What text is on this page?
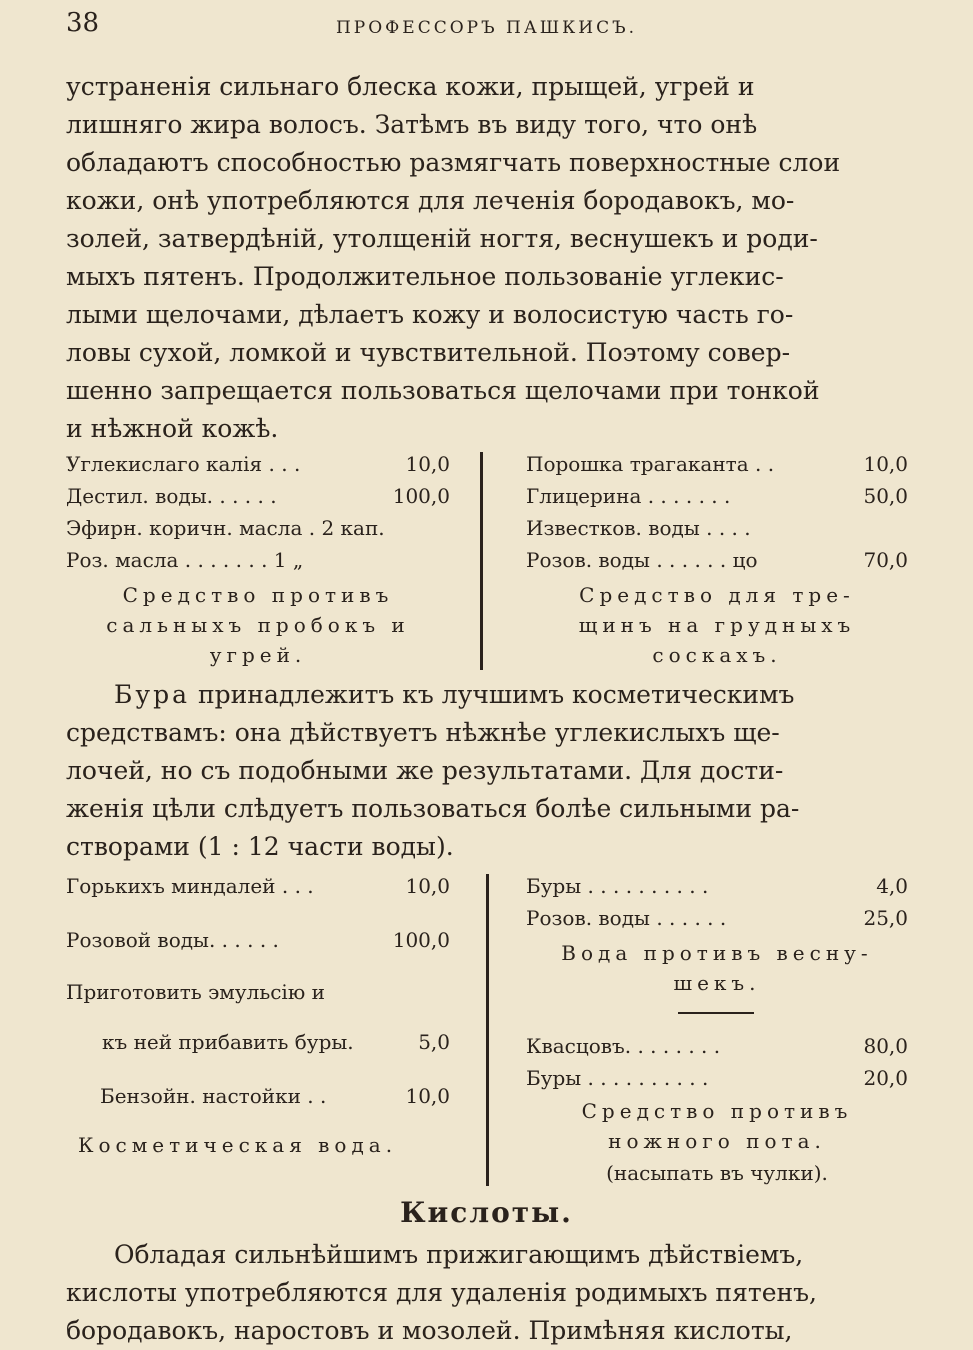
38	ПРОФЕССОРЪ ПАШКИСЪ.

устраненія сильнаго блеска кожи, прыщей, угрей и
лишняго жира волосъ. Затѣмъ въ виду того, что онѣ
обладаютъ способностью размягчать поверхностные слои
кожи, онѣ употребляются для леченія бородавокъ, мо-
золей, затвердѣній, утолщеній ногтя, веснушекъ и роди-
мыхъ пятенъ. Продолжительное пользованіе углекис-
лыми щелочами, дѣлаетъ кожу и волосистую часть го-
ловы сухой, ломкой и чувствительной. Поэтому совер-
шенно запрещается пользоваться щелочами при тонкой
и нѣжной кожѣ.

Углекислаго калія . . .	10,0
Дестил. воды. . . . . .	100,0
Эфирн. коричн. масла . 2 кап.
Роз. масла . . . . . . . 1 „
Средство противъ
сальныхъ пробокъ и
угрей.
Порошка трагаканта . .	10,0
Глицерина . . . . . . .	50,0
Известков. воды . . . .
Розов. воды . . . . . . цо	70,0
Средство для тре-
щинъ на грудныхъ
соскахъ.

Бура принадлежитъ къ лучшимъ косметическимъ
средствамъ: она дѣйствуетъ нѣжнѣе углекислыхъ ще-
лочей, но съ подобными же результатами. Для дости-
женія цѣли слѣдуетъ пользоваться болѣе сильными ра-
створами (1 : 12 части воды).

Горькихъ миндалей . . .	10,0
Розовой воды. . . . . .	100,0
Приготовить эмульсію и
къ ней прибавить буры.	5,0
Бензойн. настойки . .	10,0
Косметическая вода.
Буры . . . . . . . . . .	4,0
Розов. воды . . . . . .	25,0
Вода противъ весну-
шекъ.
Квасцовъ. . . . . . . .	80,0
Буры . . . . . . . . . .	20,0
Средство противъ
ножного пота.
(насыпать въ чулки).
Кислоты.

Обладая сильнѣйшимъ прижигающимъ дѣйствіемъ,
кислоты употребляются для удаленія родимыхъ пятенъ,
бородавокъ, наростовъ и мозолей. Примѣняя кислоты,
